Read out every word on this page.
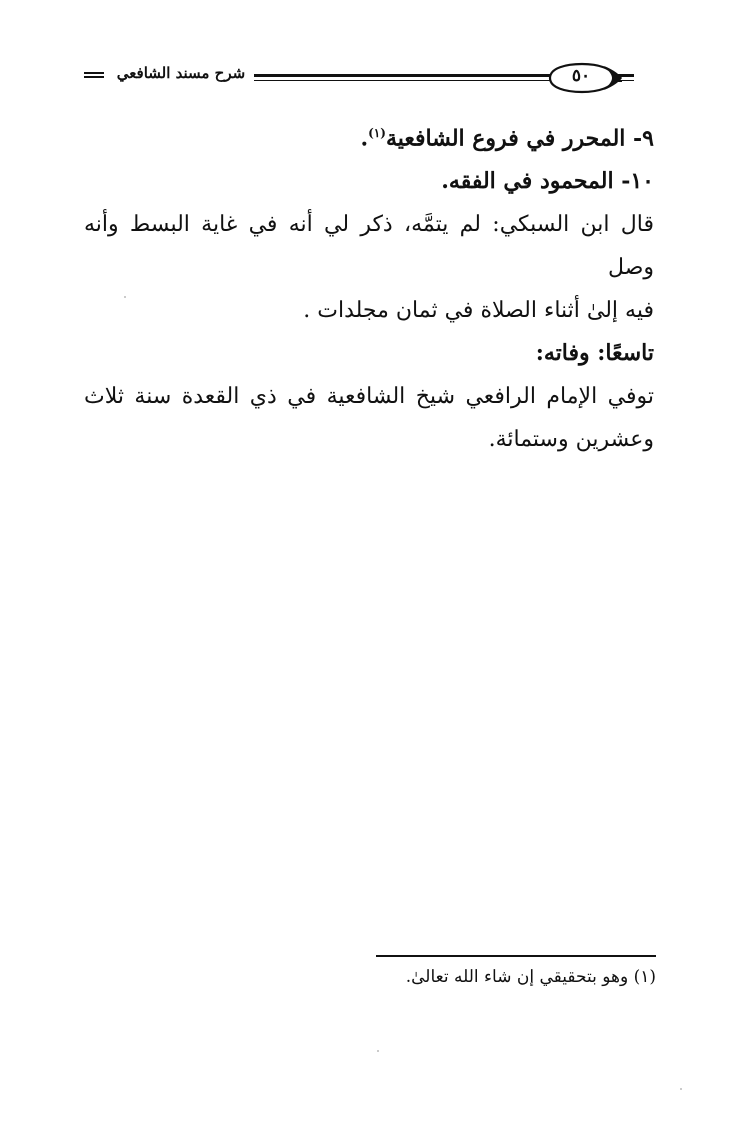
شرح مسند الشافعي	٥٠
٩- المحرر في فروع الشافعية$^{(١)}$.
١٠- المحمود في الفقه.
قال ابن السبكي: لم يتمَّه، ذكر لي أنه في غاية البسط وأنه وصل
فيه إلىٰ أثناء الصلاة في ثمان مجلدات .
تاسعًا: وفاته:
توفي الإمام الرافعي شيخ الشافعية في ذي القعدة سنة ثلاث
وعشرين وستمائة.
(١) وهو بتحقيقي إن شاء الله تعالىٰ.
